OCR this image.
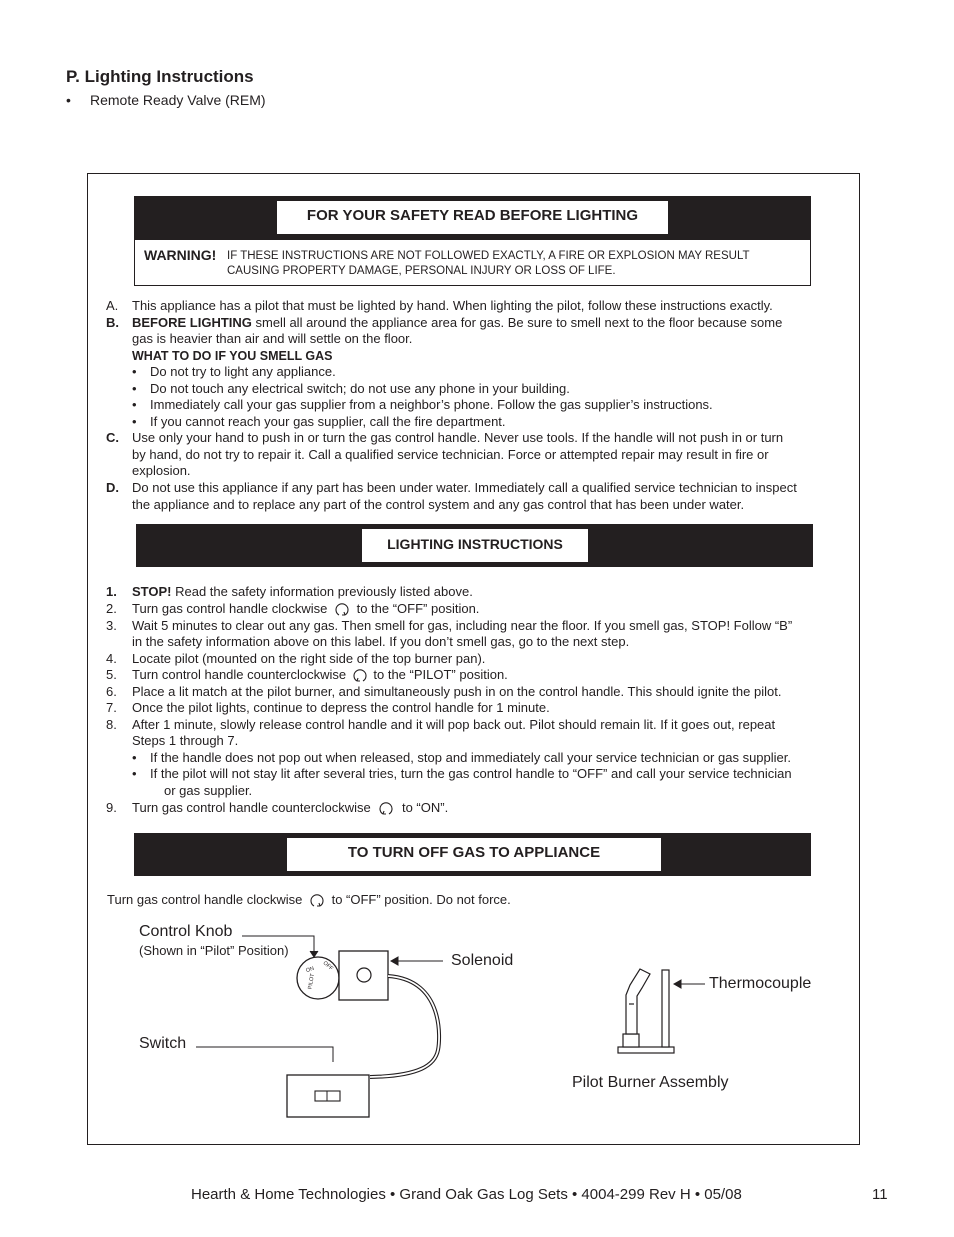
P. Lighting Instructions
• Remote Ready Valve (REM)
FOR YOUR SAFETY READ BEFORE LIGHTING
WARNING! IF THESE INSTRUCTIONS ARE NOT FOLLOWED EXACTLY, A FIRE OR EXPLOSION MAY RESULT
CAUSING PROPERTY DAMAGE, PERSONAL INJURY OR LOSS OF LIFE.
A. This appliance has a pilot that must be lighted by hand. When lighting the pilot, follow these instructions exactly.
B. BEFORE LIGHTING smell all around the appliance area for gas. Be sure to smell next to the floor because some
gas is heavier than air and will settle on the floor.
WHAT TO DO IF YOU SMELL GAS
• Do not try to light any appliance.
• Do not touch any electrical switch; do not use any phone in your building.
• Immediately call your gas supplier from a neighbor’s phone. Follow the gas supplier’s instructions.
• If you cannot reach your gas supplier, call the fire department.
C. Use only your hand to push in or turn the gas control handle. Never use tools. If the handle will not push in or turn
by hand, do not try to repair it. Call a qualified service technician. Force or attempted repair may result in fire or
explosion.
D. Do not use this appliance if any part has been under water. Immediately call a qualified service technician to inspect
the appliance and to replace any part of the control system and any gas control that has been under water.
LIGHTING INSTRUCTIONS
1. STOP! Read the safety information previously listed above.
2. Turn gas control handle clockwise to the “OFF” position.
3. Wait 5 minutes to clear out any gas. Then smell for gas, including near the floor. If you smell gas, STOP! Follow “B”
in the safety information above on this label. If you don’t smell gas, go to the next step.
4. Locate pilot (mounted on the right side of the top burner pan).
5. Turn control handle counterclockwise to the “PILOT” position.
6. Place a lit match at the pilot burner, and simultaneously push in on the control handle. This should ignite the pilot.
7. Once the pilot lights, continue to depress the control handle for 1 minute.
8. After 1 minute, slowly release control handle and it will pop back out. Pilot should remain lit. If it goes out, repeat
Steps 1 through 7.
• If the handle does not pop out when released, stop and immediately call your service technician or gas supplier.
• If the pilot will not stay lit after several tries, turn the gas control handle to “OFF” and call your service technician
or gas supplier.
9. Turn gas control handle counterclockwise to “ON”.
TO TURN OFF GAS TO APPLIANCE
Turn gas control handle clockwise to “OFF” position. Do not force.
Control Knob
(Shown in “Pilot” Position)
Solenoid
Switch
Thermocouple
Pilot Burner Assembly
ON OFF
PILOT
Hearth & Home Technologies • Grand Oak Gas Log Sets • 4004-299 Rev H • 05/08	11
